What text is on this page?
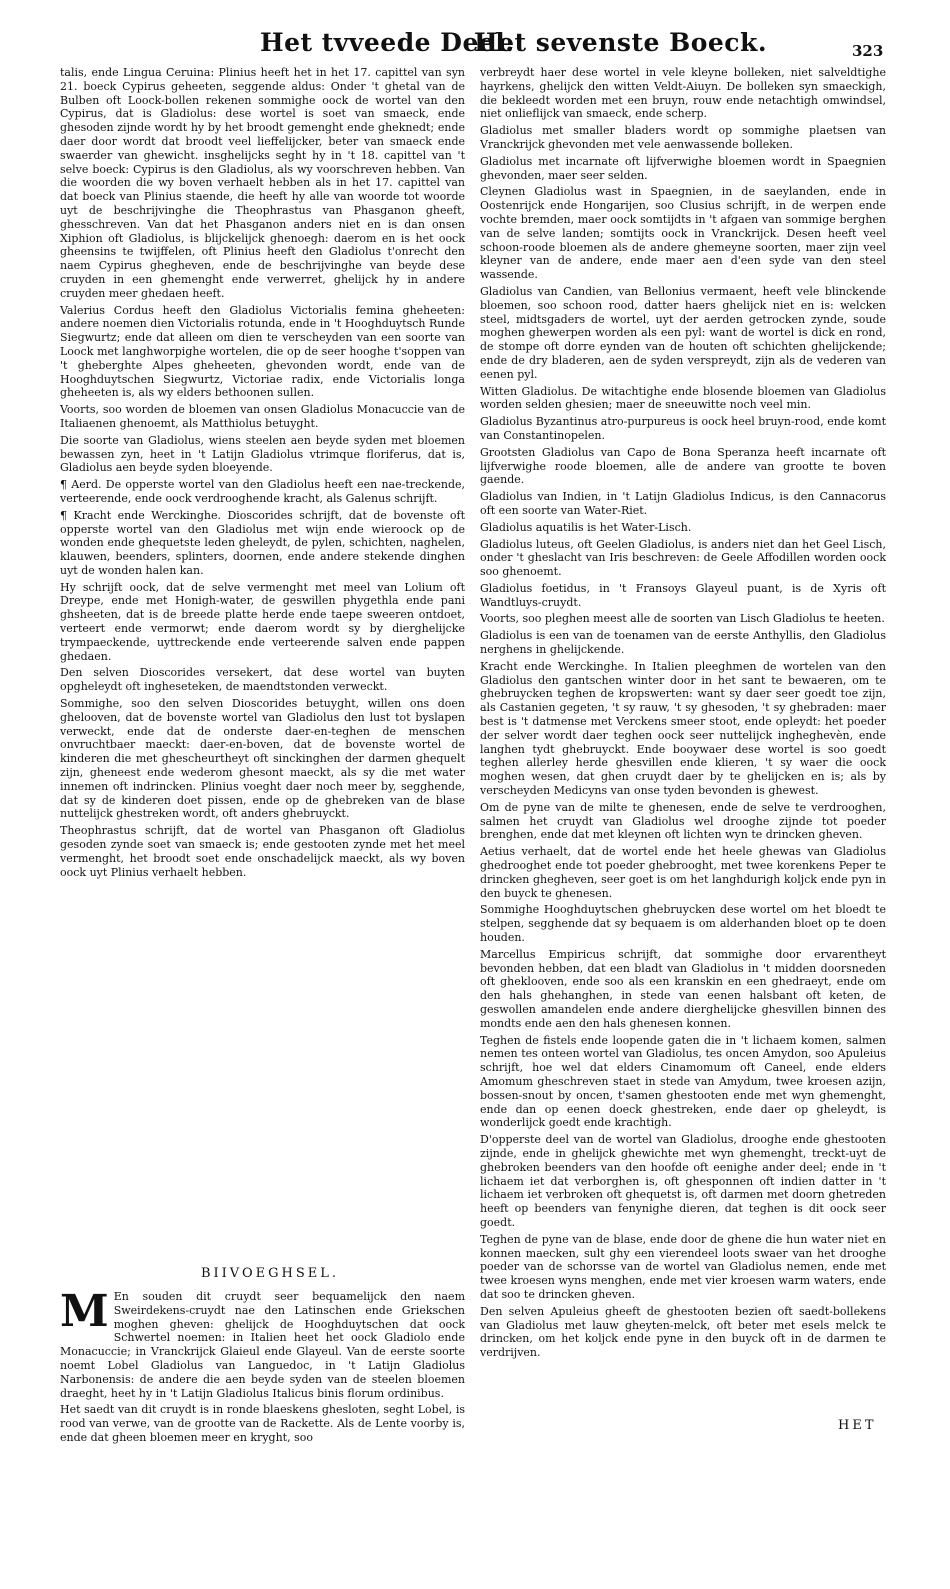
Het tvveede Deel.
Het sevenste Boeck.	323

talis, ende Lingua Ceruina: Plinius heeft het in het 17. capittel van syn 21. boeck Cypirus geheeten, seggende aldus: Onder 't ghetal van de Bulben oft Loock-bollen rekenen sommighe oock de wortel van den Cypirus, dat is Gladiolus: dese wortel is soet van smaeck, ende ghesoden zijnde wordt hy by het broodt gemenght ende gheknedt; ende daer door wordt dat broodt veel lieffelijcker, beter van smaeck ende swaerder van ghewicht. insghelijcks seght hy in 't 18. capittel van 't selve boeck: Cypirus is den Gladiolus, als wy voorschreven hebben. Van die woorden die wy boven verhaelt hebben als in het 17. capittel van dat boeck van Plinius staende, die heeft hy alle van woorde tot woorde uyt de beschrijvinghe die Theophrastus van Phasganon gheeft, ghesschreven. Van dat het Phasganon anders niet en is dan onsen Xiphion oft Gladiolus, is blijckelijck ghenoegh: daerom en is het oock gheensins te twijffelen, oft Plinius heeft den Gladiolus t'onrecht den naem Cypirus ghegheven, ende de beschrijvinghe van beyde dese cruyden in een ghemenght ende verwerret, ghelijck hy in andere cruyden meer ghedaen heeft.

Valerius Cordus heeft den Gladiolus Victorialis femina gheheeten: andere noemen dien Victorialis rotunda, ende in 't Hooghduytsch Runde Siegwurtz; ende dat alleen om dien te verscheyden van een soorte van Loock met langhworpighe wortelen, die op de seer hooghe t'soppen van 't gheberghte Alpes gheheeten, ghevonden wordt, ende van de Hooghduytschen Siegwurtz, Victoriae radix, ende Victorialis longa gheheeten is, als wy elders bethoonen sullen.

Voorts, soo worden de bloemen van onsen Gladiolus Monacuccie van de Italiaenen ghenoemt, als Matthiolus betuyght.

Die soorte van Gladiolus, wiens steelen aen beyde syden met bloemen bewassen zyn, heet in 't Latijn Gladiolus vtrimque floriferus, dat is, Gladiolus aen beyde syden bloeyende.

¶ Aerd. De opperste wortel van den Gladiolus heeft een nae-treckende, verteerende, ende oock verdrooghende kracht, als Galenus schrijft.

¶ Kracht ende Werckinghe. Dioscorides schrijft, dat de bovenste oft opperste wortel van den Gladiolus met wijn ende wieroock op de wonden ende ghequetste leden gheleydt, de pylen, schichten, naghelen, klauwen, beenders, splinters, doornen, ende andere stekende dinghen uyt de wonden halen kan.

Hy schrijft oock, dat de selve vermenght met meel van Lolium oft Dreype, ende met Honigh-water, de geswillen phygethla ende pani ghsheeten, dat is de breede platte herde ende taepe sweeren ontdoet, verteert ende vermorwt; ende daerom wordt sy by dierghelijcke trympaeckende, uyttreckende ende verteerende salven ende pappen ghedaen.

Den selven Dioscorides versekert, dat dese wortel van buyten opgheleydt oft ingheseteken, de maendtstonden verweckt.

Sommighe, soo den selven Dioscorides betuyght, willen ons doen ghelooven, dat de bovenste wortel van Gladiolus den lust tot byslapen verweckt, ende dat de onderste daer-en-teghen de menschen onvruchtbaer maeckt: daer-en-boven, dat de bovenste wortel de kinderen die met ghescheurtheyt oft sinckinghen der darmen ghequelt zijn, gheneest ende wederom ghesont maeckt, als sy die met water innemen oft indrincken. Plinius voeght daer noch meer by, segghende, dat sy de kinderen doet pissen, ende op de ghebreken van de blase nuttelijck ghestreken wordt, oft anders ghebruyckt.

Theophrastus schrijft, dat de wortel van Phasganon oft Gladiolus gesoden zynde soet van smaeck is; ende gestooten zynde met het meel vermenght, het broodt soet ende onschadelijck maeckt, als wy boven oock uyt Plinius verhaelt hebben.

BIIVOEGHSEL.
M En souden dit cruydt seer bequamelijck den naem Sweirdekens-cruydt nae den Latinschen ende Griekschen moghen gheven: ghelijck de Hooghduytschen dat oock Schwertel noemen: in Italien heet het oock Gladiolo ende Monacuccie; in Vranckrijck Glaieul ende Glayeul. Van de eerste soorte noemt Lobel Gladiolus van Languedoc, in 't Latijn Gladiolus Narbonensis: de andere die aen beyde syden van de steelen bloemen draeght, heet hy in 't Latijn Gladiolus Italicus binis florum ordinibus.

Het saedt van dit cruydt is in ronde blaeskens ghesloten, seght Lobel, is rood van verwe, van de grootte van de Rackette. Als de Lente voorby is, ende dat gheen bloemen meer en kryght, soo

verbreydt haer dese wortel in vele kleyne bolleken, niet salveldtighe hayrkens, ghelijck den witten Veldt-Aiuyn. De bolleken syn smaeckigh, die bekleedt worden met een bruyn, rouw ende netachtigh omwindsel, niet onlieflijck van smaeck, ende scherp.

Gladiolus met smaller bladers wordt op sommighe plaetsen van Vranckrijck ghevonden met vele aenwassende bolleken.

Gladiolus met incarnate oft lijfverwighe bloemen wordt in Spaegnien ghevonden, maer seer selden.

Cleynen Gladiolus wast in Spaegnien, in de saeylanden, ende in Oostenrijck ende Hongarijen, soo Clusius schrijft, in de werpen ende vochte bremden, maer oock somtijdts in 't afgaen van sommige berghen van de selve landen; somtijts oock in Vranckrijck. Desen heeft veel schoon-roode bloemen als de andere ghemeyne soorten, maer zijn veel kleyner van de andere, ende maer aen d'een syde van den steel wassende.

Gladiolus van Candien, van Bellonius vermaent, heeft vele blinckende bloemen, soo schoon rood, datter haers ghelijck niet en is: welcken steel, midtsgaders de wortel, uyt der aerden getrocken zynde, soude moghen ghewerpen worden als een pyl: want de wortel is dick en rond, de stompe oft dorre eynden van de houten oft schichten ghelijckende; ende de dry bladeren, aen de syden verspreydt, zijn als de vederen van eenen pyl.

Witten Gladiolus. De witachtighe ende blosende bloemen van Gladiolus worden selden ghesien; maer de sneeuwitte noch veel min.

Gladiolus Byzantinus atro-purpureus is oock heel bruyn-rood, ende komt van Constantinopelen.

Grootsten Gladiolus van Capo de Bona Speranza heeft incarnate oft lijfverwighe roode bloemen, alle de andere van grootte te boven gaende.

Gladiolus van Indien, in 't Latijn Gladiolus Indicus, is den Cannacorus oft een soorte van Water-Riet.

Gladiolus aquatilis is het Water-Lisch.

Gladiolus luteus, oft Geelen Gladiolus, is anders niet dan het Geel Lisch, onder 't gheslacht van Iris beschreven: de Geele Affodillen worden oock soo ghenoemt.

Gladiolus foetidus, in 't Fransoys Glayeul puant, is de Xyris oft Wandtluys-cruydt.

Voorts, soo pleghen meest alle de soorten van Lisch Gladiolus te heeten.

Gladiolus is een van de toenamen van de eerste Anthyllis, den Gladiolus nerghens in ghelijckende.

Kracht ende Werckinghe. In Italien pleeghmen de wortelen van den Gladiolus den gantschen winter door in het sant te bewaeren, om te ghebruycken teghen de kropswerten: want sy daer seer goedt toe zijn, als Castanien gegeten, 't sy rauw, 't sy ghesoden, 't sy ghebraden: maer best is 't datmense met Verckens smeer stoot, ende opleydt: het poeder der selver wordt daer teghen oock seer nuttelijck ingheghevèn, ende langhen tydt ghebruyckt. Ende booywaer dese wortel is soo goedt teghen allerley herde ghesvillen ende klieren, 't sy waer die oock moghen wesen, dat ghen cruydt daer by te ghelijcken en is; als by verscheyden Medicyns van onse tyden bevonden is ghewest.

Om de pyne van de milte te ghenesen, ende de selve te verdrooghen, salmen het cruydt van Gladiolus wel drooghe zijnde tot poeder brenghen, ende dat met kleynen oft lichten wyn te drincken gheven.

Aetius verhaelt, dat de wortel ende het heele ghewas van Gladiolus ghedrooghet ende tot poeder ghebrooght, met twee korenkens Peper te drincken ghegheven, seer goet is om het langhdurigh koljck ende pyn in den buyck te ghenesen.

Sommighe Hooghduytschen ghebruycken dese wortel om het bloedt te stelpen, segghende dat sy bequaem is om alderhanden bloet op te doen houden.

Marcellus Empiricus schrijft, dat sommighe door ervarentheyt bevonden hebben, dat een bladt van Gladiolus in 't midden doorsneden oft gheklooven, ende soo als een kranskin en een ghedraeyt, ende om den hals ghehanghen, in stede van eenen halsbant oft keten, de geswollen amandelen ende andere dierghelijcke ghesvillen binnen des mondts ende aen den hals ghenesen konnen.

Teghen de fistels ende loopende gaten die in 't lichaem komen, salmen nemen tes onteen wortel van Gladiolus, tes oncen Amydon, soo Apuleius schrijft, hoe wel dat elders Cinamomum oft Caneel, ende elders Amomum gheschreven staet in stede van Amydum, twee kroesen azijn, bossen-snout by oncen, t'samen ghestooten ende met wyn ghemenght, ende dan op eenen doeck ghestreken, ende daer op gheleydt, is wonderlijck goedt ende krachtigh.

D'opperste deel van de wortel van Gladiolus, drooghe ende ghestooten zijnde, ende in ghelijck ghewichte met wyn ghemenght, treckt-uyt de ghebroken beenders van den hoofde oft eenighe ander deel; ende in 't lichaem iet dat verborghen is, oft ghesponnen oft indien datter in 't lichaem iet verbroken oft ghequetst is, oft darmen met doorn ghetreden heeft op beenders van fenynighe dieren, dat teghen is dit oock seer goedt.

Teghen de pyne van de blase, ende door de ghene die hun water niet en konnen maecken, sult ghy een vierendeel loots swaer van het drooghe poeder van de schorsse van de wortel van Gladiolus nemen, ende met twee kroesen wyns menghen, ende met vier kroesen warm waters, ende dat soo te drincken gheven.

Den selven Apuleius gheeft de ghestooten bezien oft saedt-bollekens van Gladiolus met lauw gheyten-melck, oft beter met esels melck te drincken, om het koljck ende pyne in den buyck oft in de darmen te verdrijven.

HET
